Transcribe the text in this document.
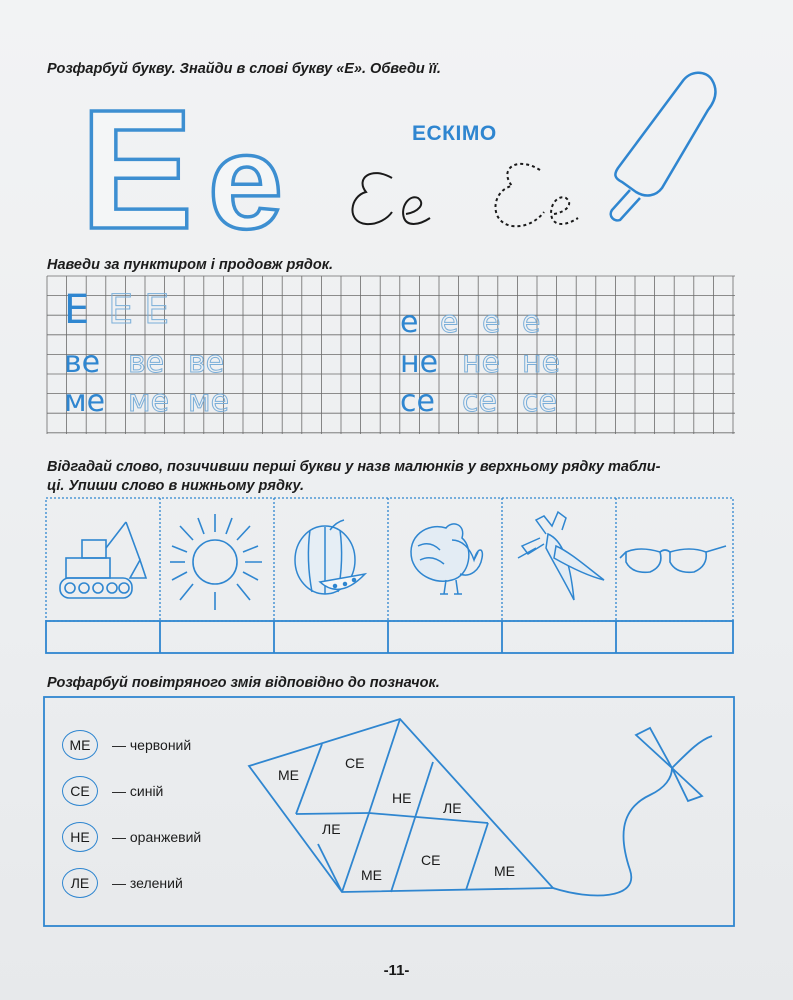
Розфарбуй букву. Знайди в слові букву «Е». Обведи її.
Е е	ЕСКІМО
Наведи за пунктиром і продовж рядок.
Е Е Е
ве ве ве
ме ме ме
е е е е
не не не
се се се
Відгадай слово, позичивши перші букви у назв малюнків у верхньому рядку табли-
ці. Упиши слово в нижньому рядку.
Розфарбуй повітряного змія відповідно до позначок.
МЕ	— червоний
СЕ	— синій
НЕ	— оранжевий
ЛЕ	— зелений
МЕ
СЕ
НЕ
ЛЕ
ЛЕ
МЕ
СЕ
МЕ
-11-
